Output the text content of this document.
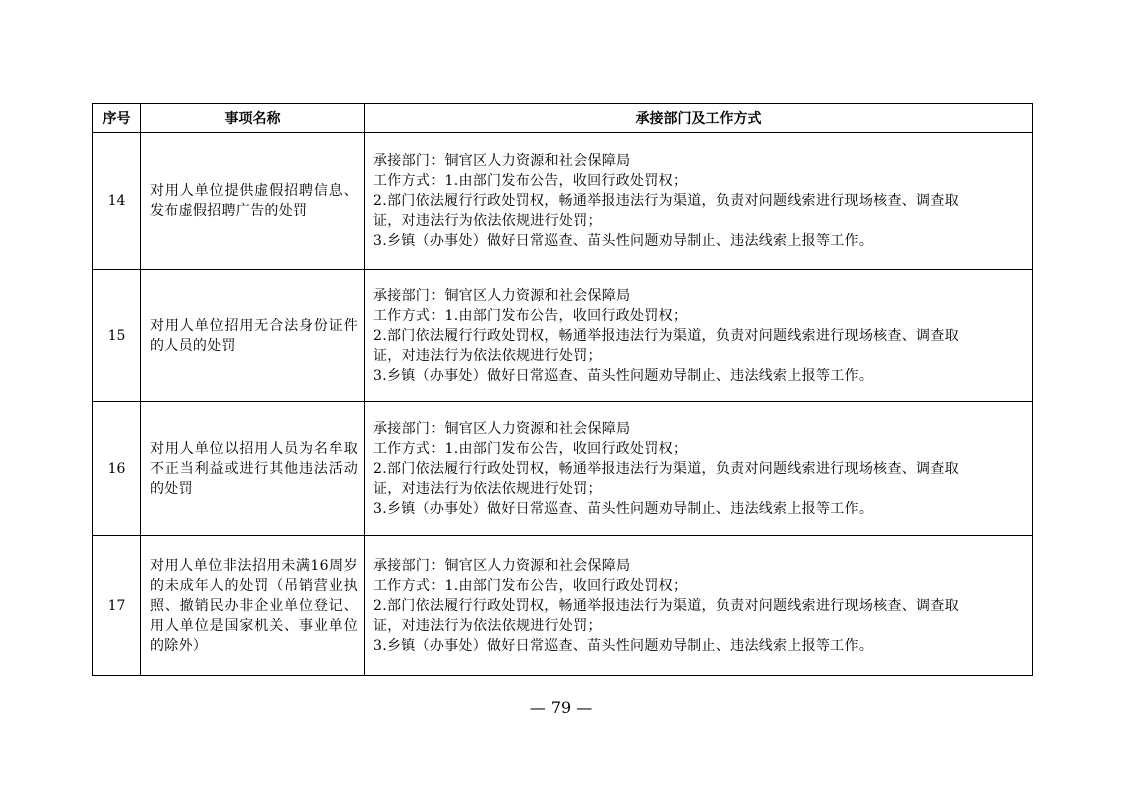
序号	事项名称	承接部门及工作方式
14	对用人单位提供虚假招聘信息、发布虚假招聘广告的处罚	承接部门：铜官区人力资源和社会保障局
工作方式：1.由部门发布公告，收回行政处罚权；
2.部门依法履行行政处罚权，畅通举报违法行为渠道，负责对问题线索进行现场核查、调查取
证，对违法行为依法依规进行处罚；
3.乡镇（办事处）做好日常巡查、苗头性问题劝导制止、违法线索上报等工作。

15	对用人单位招用无合法身份证件的人员的处罚	承接部门：铜官区人力资源和社会保障局
工作方式：1.由部门发布公告，收回行政处罚权；
2.部门依法履行行政处罚权，畅通举报违法行为渠道，负责对问题线索进行现场核查、调查取
证，对违法行为依法依规进行处罚；
3.乡镇（办事处）做好日常巡查、苗头性问题劝导制止、违法线索上报等工作。

16	对用人单位以招用人员为名牟取不正当利益或进行其他违法活动的处罚	承接部门：铜官区人力资源和社会保障局
工作方式：1.由部门发布公告，收回行政处罚权；
2.部门依法履行行政处罚权，畅通举报违法行为渠道，负责对问题线索进行现场核查、调查取
证，对违法行为依法依规进行处罚；
3.乡镇（办事处）做好日常巡查、苗头性问题劝导制止、违法线索上报等工作。

17	对用人单位非法招用未满16周岁的未成年人的处罚（吊销营业执照、撤销民办非企业单位登记、用人单位是国家机关、事业单位的除外）	承接部门：铜官区人力资源和社会保障局
工作方式：1.由部门发布公告，收回行政处罚权；
2.部门依法履行行政处罚权，畅通举报违法行为渠道，负责对问题线索进行现场核查、调查取
证，对违法行为依法依规进行处罚；
3.乡镇（办事处）做好日常巡查、苗头性问题劝导制止、违法线索上报等工作。
— 79 —
